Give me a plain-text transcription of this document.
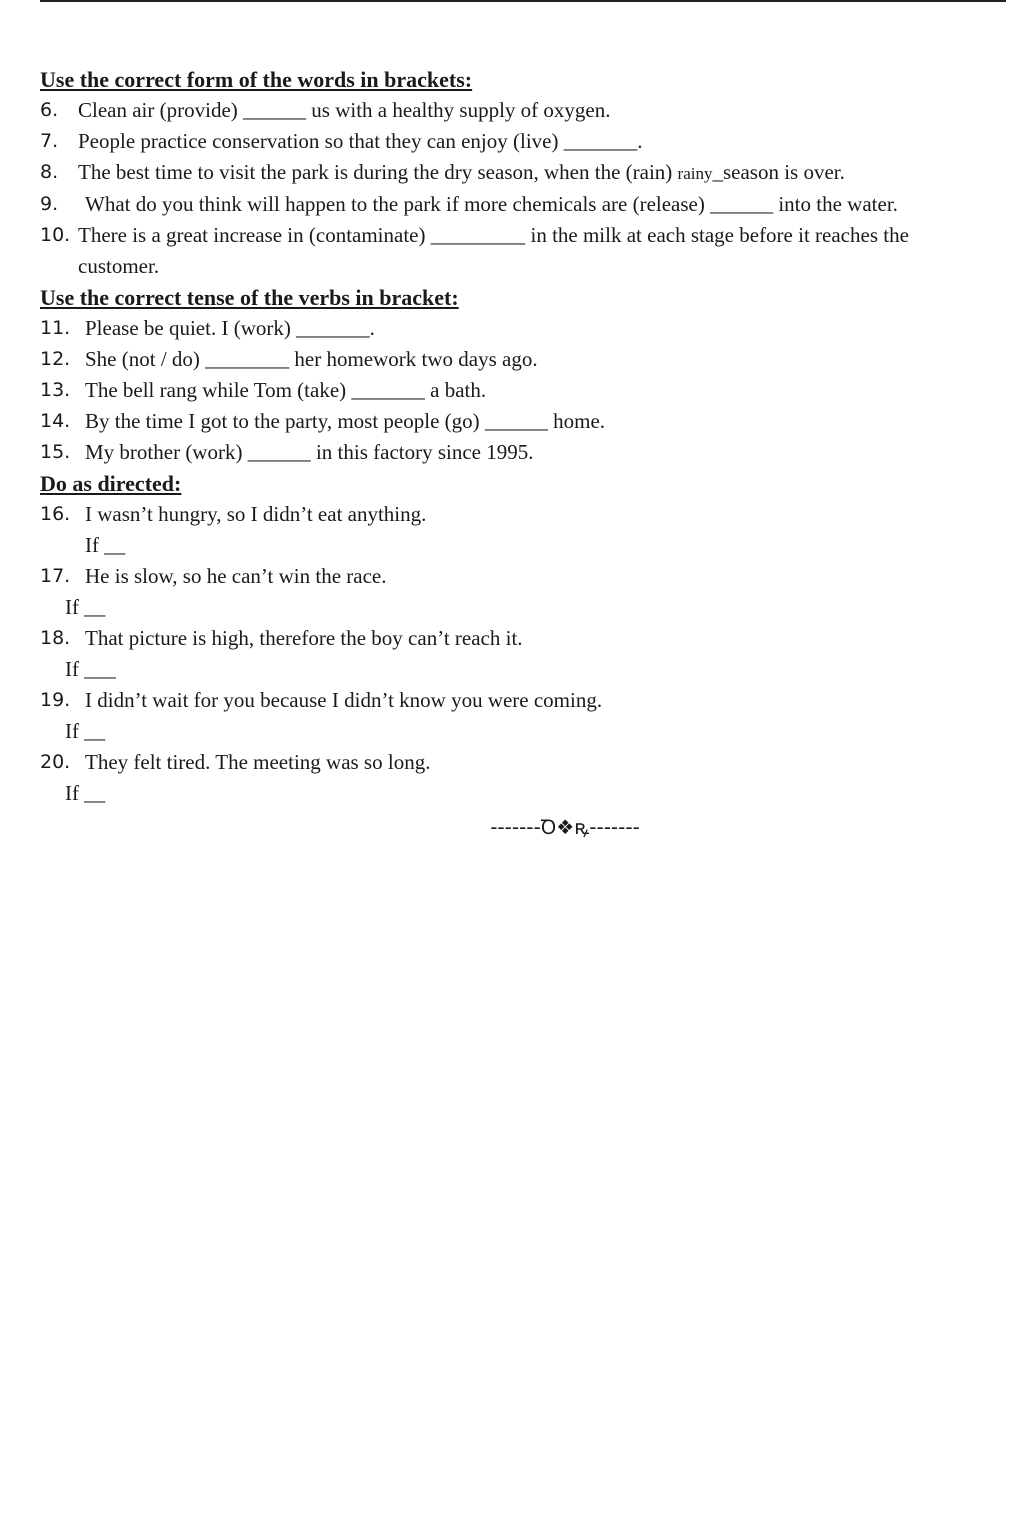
Use the correct form of the words in brackets:
6. Clean air (provide) ______ us with a healthy supply of oxygen.
7. People practice conservation so that they can enjoy (live) _______.
8. The best time to visit the park is during the dry season, when the (rain) rainy_season is over.
9.	What do you think will happen to the park if more chemicals are (release) ______ into the water.
10. There is a great increase in (contaminate) _________ in the milk at each stage before it reaches the customer.
Use the correct tense of the verbs in bracket:
11. Please be quiet. I (work) _______.
12. She (not / do) ________ her homework two days ago.
13. The bell rang while Tom (take) _______ a bath.
14. By the time I got to the party, most people (go) ______ home.
15. My brother (work) ______ in this factory since 1995.
Do as directed:
16. I wasn’t hungry, so I didn’t eat anything.
If __
17. He is slow, so he can’t win the race.
If __
18. That picture is high, therefore the boy can’t reach it.
If ___
19. I didn’t wait for you because I didn’t know you were coming.
If __
20. They felt tired. The meeting was so long.
If __
-------Ꝺ❖ꝶ-------
